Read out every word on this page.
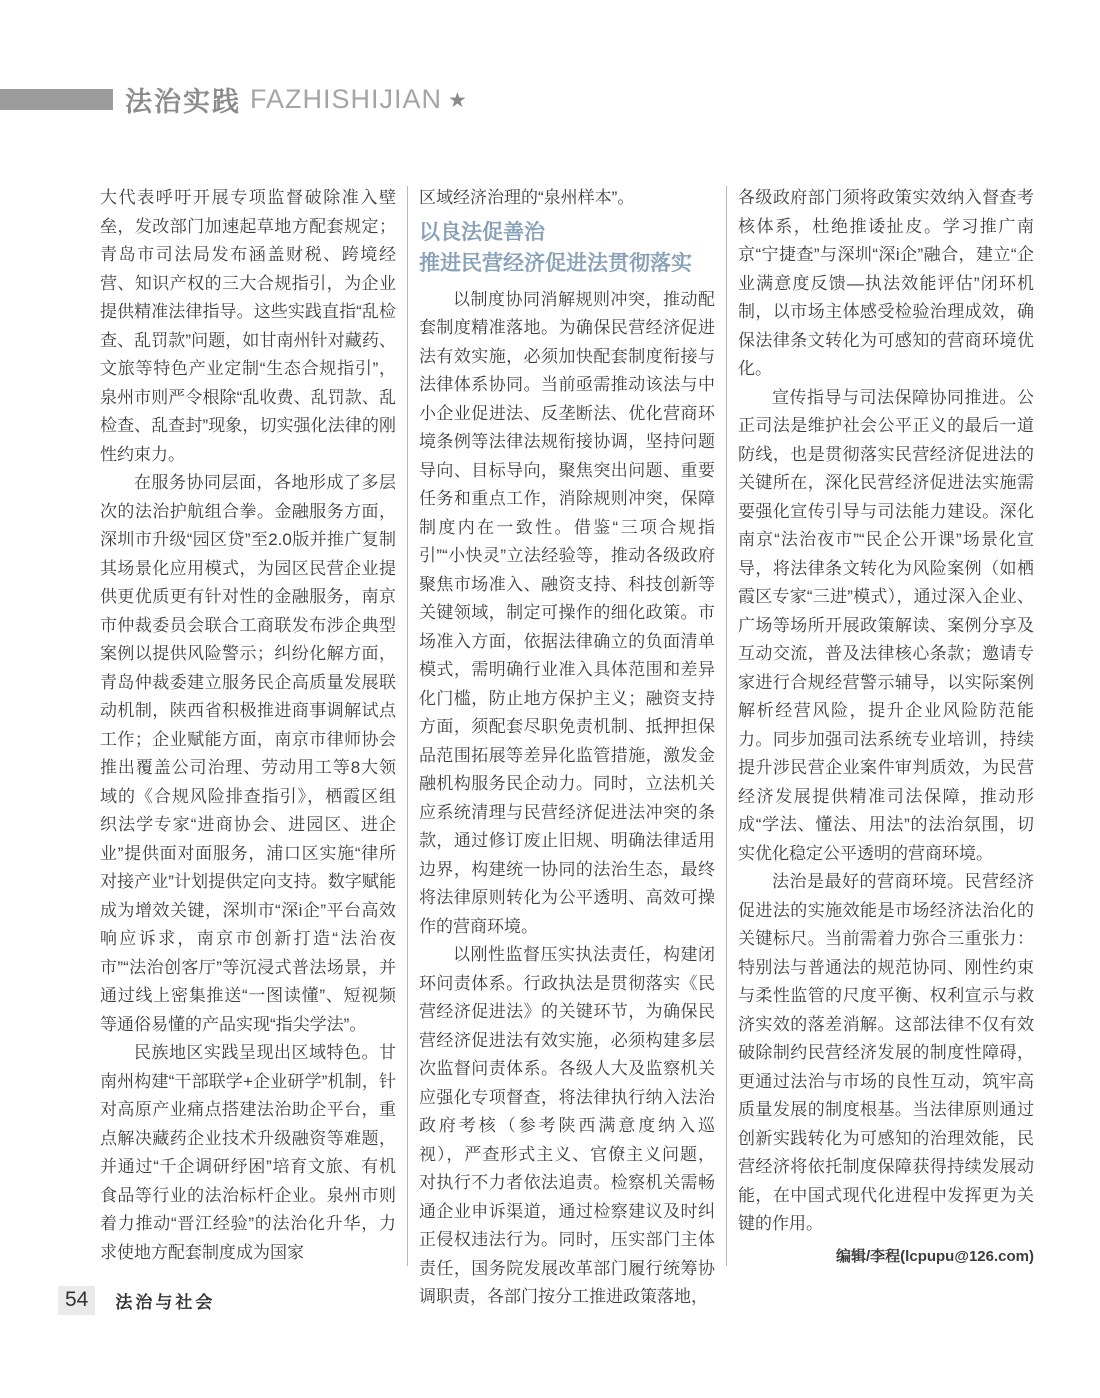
法治实践 FAZHISHIJIAN ★

大代表呼吁开展专项监督破除准入壁垒，发改部门加速起草地方配套规定；青岛市司法局发布涵盖财税、跨境经营、知识产权的三大合规指引，为企业提供精准法律指导。这些实践直指“乱检查、乱罚款”问题，如甘南州针对藏药、文旅等特色产业定制“生态合规指引”，泉州市则严令根除“乱收费、乱罚款、乱检查、乱查封”现象，切实强化法律的刚性约束力。

在服务协同层面，各地形成了多层次的法治护航组合拳。金融服务方面，深圳市升级“园区贷”至2.0版并推广复制其场景化应用模式，为园区民营企业提供更优质更有针对性的金融服务，南京市仲裁委员会联合工商联发布涉企典型案例以提供风险警示；纠纷化解方面，青岛仲裁委建立服务民企高质量发展联动机制，陕西省积极推进商事调解试点工作；企业赋能方面，南京市律师协会推出覆盖公司治理、劳动用工等8大领域的《合规风险排查指引》，栖霞区组织法学专家“进商协会、进园区、进企业”提供面对面服务，浦口区实施“律所对接产业”计划提供定向支持。数字赋能成为增效关键，深圳市“深i企”平台高效响应诉求，南京市创新打造“法治夜市”“法治创客厅”等沉浸式普法场景，并通过线上密集推送“一图读懂”、短视频等通俗易懂的产品实现“指尖学法”。

民族地区实践呈现出区域特色。甘南州构建“干部联学+企业研学”机制，针对高原产业痛点搭建法治助企平台，重点解决藏药企业技术升级融资等难题，并通过“千企调研纾困”培育文旅、有机食品等行业的法治标杆企业。泉州市则着力推动“晋江经验”的法治化升华，力求使地方配套制度成为国家

区域经济治理的“泉州样本”。

以良法促善治
推进民营经济促进法贯彻落实

以制度协同消解规则冲突，推动配套制度精准落地。为确保民营经济促进法有效实施，必须加快配套制度衔接与法律体系协同。当前亟需推动该法与中小企业促进法、反垄断法、优化营商环境条例等法律法规衔接协调，坚持问题导向、目标导向，聚焦突出问题、重要任务和重点工作，消除规则冲突，保障制度内在一致性。借鉴“三项合规指引”“小快灵”立法经验等，推动各级政府聚焦市场准入、融资支持、科技创新等关键领域，制定可操作的细化政策。市场准入方面，依据法律确立的负面清单模式，需明确行业准入具体范围和差异化门槛，防止地方保护主义；融资支持方面，须配套尽职免责机制、抵押担保品范围拓展等差异化监管措施，激发金融机构服务民企动力。同时，立法机关应系统清理与民营经济促进法冲突的条款，通过修订废止旧规、明确法律适用边界，构建统一协同的法治生态，最终将法律原则转化为公平透明、高效可操作的营商环境。

以刚性监督压实执法责任，构建闭环问责体系。行政执法是贯彻落实《民营经济促进法》的关键环节，为确保民营经济促进法有效实施，必须构建多层次监督问责体系。各级人大及监察机关应强化专项督查，将法律执行纳入法治政府考核（参考陕西满意度纳入巡视），严查形式主义、官僚主义问题，对执行不力者依法追责。检察机关需畅通企业申诉渠道，通过检察建议及时纠正侵权违法行为。同时，压实部门主体责任，国务院发展改革部门履行统筹协调职责，各部门按分工推进政策落地，

各级政府部门须将政策实效纳入督查考核体系，杜绝推诿扯皮。学习推广南京“宁捷查”与深圳“深i企”融合，建立“企业满意度反馈—执法效能评估”闭环机制，以市场主体感受检验治理成效，确保法律条文转化为可感知的营商环境优化。

宣传指导与司法保障协同推进。公正司法是维护社会公平正义的最后一道防线，也是贯彻落实民营经济促进法的关键所在，深化民营经济促进法实施需要强化宣传引导与司法能力建设。深化南京“法治夜市”“民企公开课”场景化宣导，将法律条文转化为风险案例（如栖霞区专家“三进”模式），通过深入企业、广场等场所开展政策解读、案例分享及互动交流，普及法律核心条款；邀请专家进行合规经营警示辅导，以实际案例解析经营风险，提升企业风险防范能力。同步加强司法系统专业培训，持续提升涉民营企业案件审判质效，为民营经济发展提供精准司法保障，推动形成“学法、懂法、用法”的法治氛围，切实优化稳定公平透明的营商环境。

法治是最好的营商环境。民营经济促进法的实施效能是市场经济法治化的关键标尺。当前需着力弥合三重张力：特别法与普通法的规范协同、刚性约束与柔性监管的尺度平衡、权利宣示与救济实效的落差消解。这部法律不仅有效破除制约民营经济发展的制度性障碍，更通过法治与市场的良性互动，筑牢高质量发展的制度根基。当法律原则通过创新实践转化为可感知的治理效能，民营经济将依托制度保障获得持续发展动能，在中国式现代化进程中发挥更为关键的作用。

编辑/李程(lcpupu@126.com)

54	法治与社会
